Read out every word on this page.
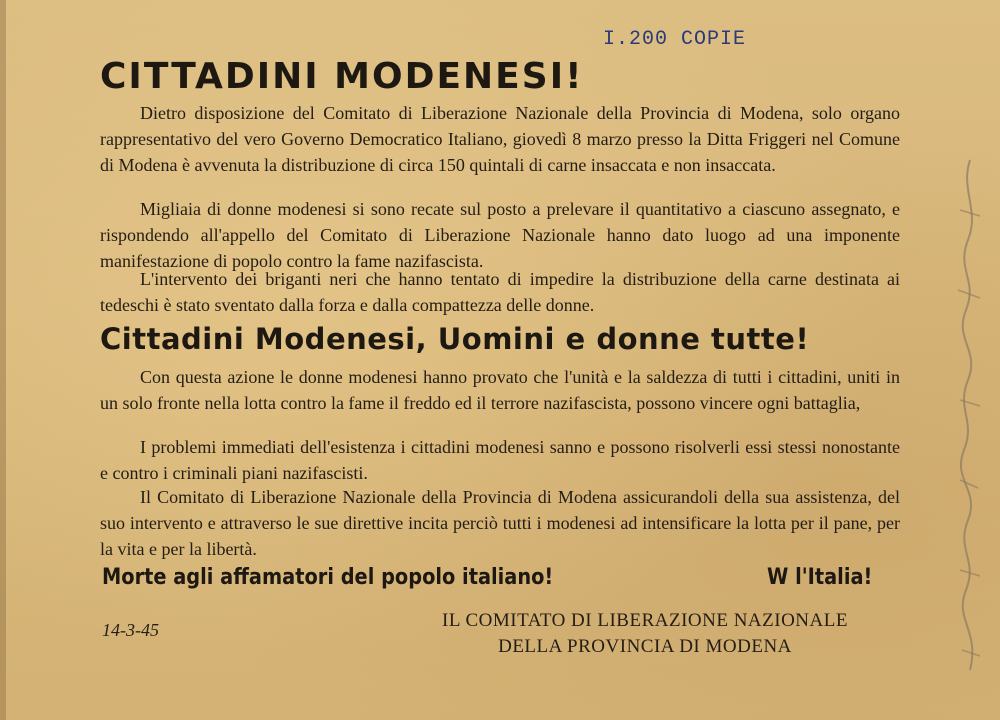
I.200 COPIE
CITTADINI MODENESI!

Dietro disposizione del Comitato di Liberazione Nazionale della Provincia di Modena, solo organo rappresentativo del vero Governo Democratico Italiano, giovedì 8 marzo presso la Ditta Friggeri nel Comune di Modena è avvenuta la distribuzione di circa 150 quintali di carne insaccata e non insaccata.

Migliaia di donne modenesi si sono recate sul posto a prelevare il quantitativo a ciascuno assegnato, e rispondendo all'appello del Comitato di Liberazione Nazionale hanno dato luogo ad una imponente manifestazione di popolo contro la fame nazifascista.

L'intervento dei briganti neri che hanno tentato di impedire la distribuzione della carne destinata ai tedeschi è stato sventato dalla forza e dalla compattezza delle donne.

Cittadini Modenesi, Uomini e donne tutte!

Con questa azione le donne modenesi hanno provato che l'unità e la saldezza di tutti i cittadini, uniti in un solo fronte nella lotta contro la fame il freddo ed il terrore nazifascista, possono vincere ogni battaglia,

I problemi immediati dell'esistenza i cittadini modenesi sanno e possono risolverli essi stessi nonostante e contro i criminali piani nazifascisti.

Il Comitato di Liberazione Nazionale della Provincia di Modena assicurandoli della sua assistenza, del suo intervento e attraverso le sue direttive incita perciò tutti i modenesi ad intensificare la lotta per il pane, per la vita e per la libertà.

Morte agli affamatori del popolo italiano!	W l'Italia!

14-3-45	IL COMITATO DI LIBERAZIONE NAZIONALE
DELLA PROVINCIA DI MODENA
